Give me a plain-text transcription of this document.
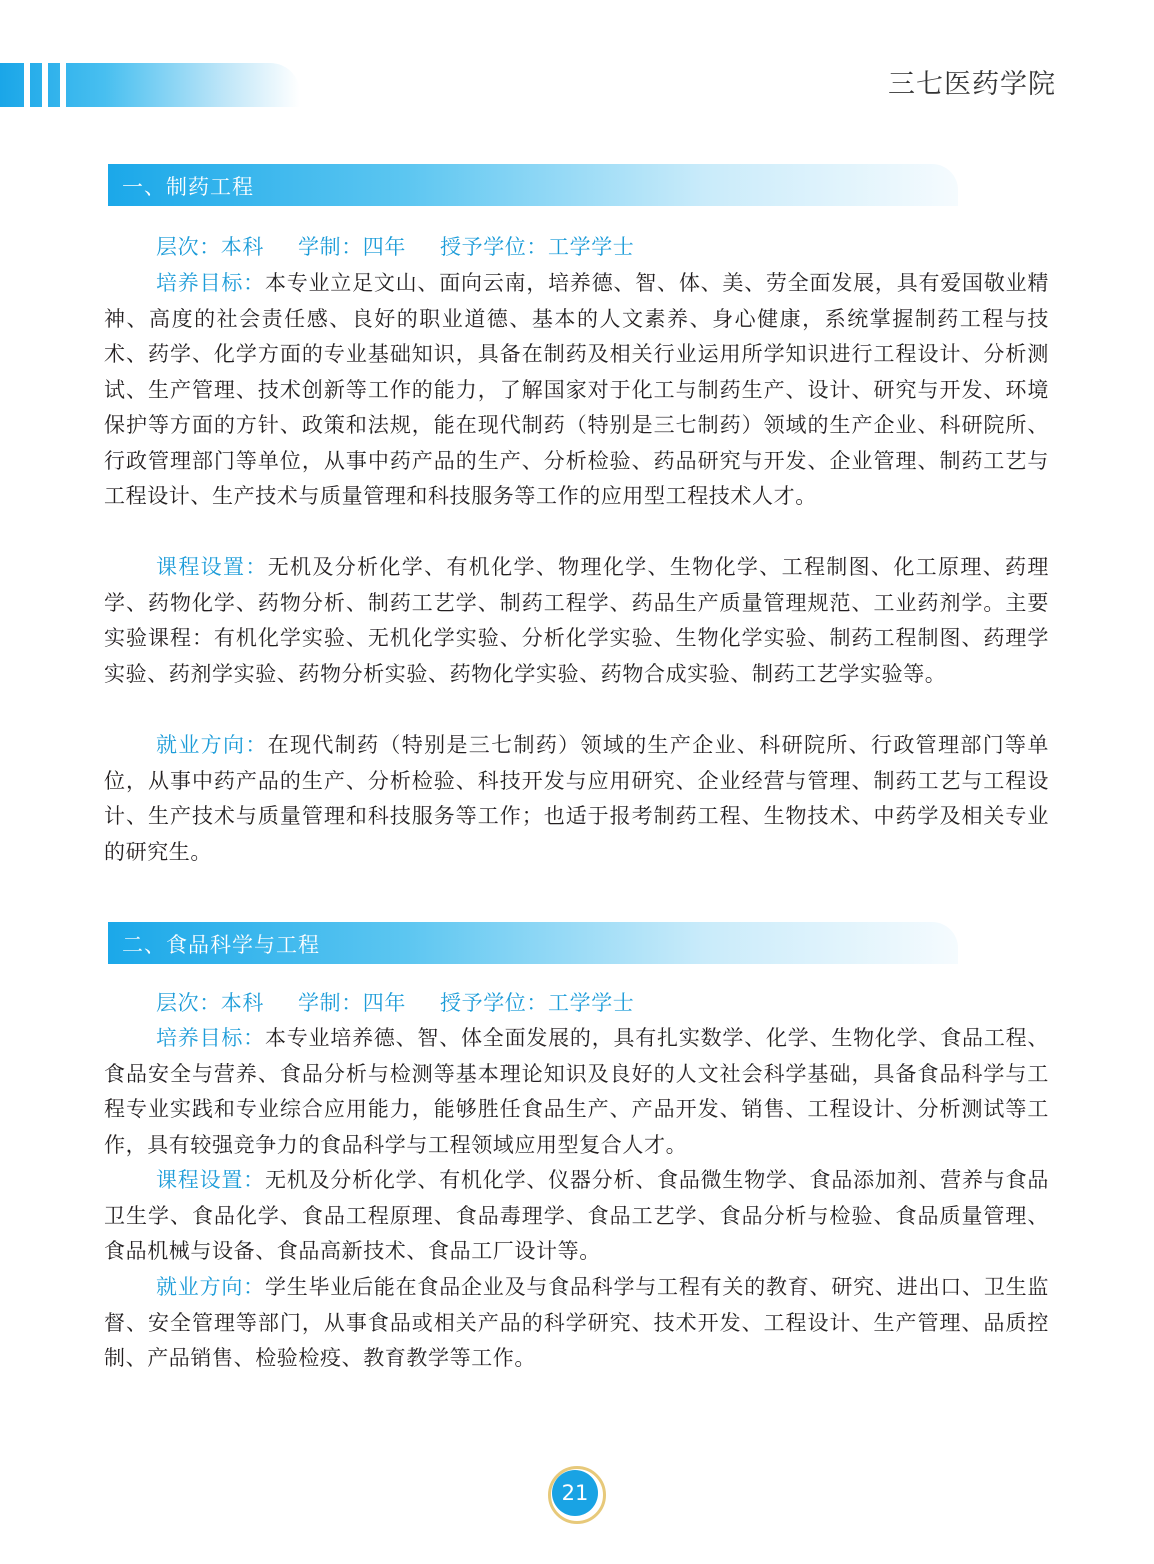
三七医药学院
一、制药工程
层次：本科 学制：四年 授予学位：工学学士
培养目标：本专业立足文山、面向云南，培养德、智、体、美、劳全面发展，具有爱国敬业精神、高度的社会责任感、良好的职业道德、基本的人文素养、身心健康，系统掌握制药工程与技术、药学、化学方面的专业基础知识，具备在制药及相关行业运用所学知识进行工程设计、分析测试、生产管理、技术创新等工作的能力，了解国家对于化工与制药生产、设计、研究与开发、环境保护等方面的方针、政策和法规，能在现代制药（特别是三七制药）领域的生产企业、科研院所、行政管理部门等单位，从事中药产品的生产、分析检验、药品研究与开发、企业管理、制药工艺与工程设计、生产技术与质量管理和科技服务等工作的应用型工程技术人才。
课程设置：无机及分析化学、有机化学、物理化学、生物化学、工程制图、化工原理、药理学、药物化学、药物分析、制药工艺学、制药工程学、药品生产质量管理规范、工业药剂学。主要实验课程：有机化学实验、无机化学实验、分析化学实验、生物化学实验、制药工程制图、药理学实验、药剂学实验、药物分析实验、药物化学实验、药物合成实验、制药工艺学实验等。
就业方向：在现代制药（特别是三七制药）领域的生产企业、科研院所、行政管理部门等单位，从事中药产品的生产、分析检验、科技开发与应用研究、企业经营与管理、制药工艺与工程设计、生产技术与质量管理和科技服务等工作；也适于报考制药工程、生物技术、中药学及相关专业的研究生。
二、食品科学与工程
层次：本科 学制：四年 授予学位：工学学士
培养目标：本专业培养德、智、体全面发展的，具有扎实数学、化学、生物化学、食品工程、食品安全与营养、食品分析与检测等基本理论知识及良好的人文社会科学基础，具备食品科学与工程专业实践和专业综合应用能力，能够胜任食品生产、产品开发、销售、工程设计、分析测试等工作，具有较强竞争力的食品科学与工程领域应用型复合人才。
课程设置：无机及分析化学、有机化学、仪器分析、食品微生物学、食品添加剂、营养与食品卫生学、食品化学、食品工程原理、食品毒理学、食品工艺学、食品分析与检验、食品质量管理、食品机械与设备、食品高新技术、食品工厂设计等。
就业方向：学生毕业后能在食品企业及与食品科学与工程有关的教育、研究、进出口、卫生监督、安全管理等部门，从事食品或相关产品的科学研究、技术开发、工程设计、生产管理、品质控制、产品销售、检验检疫、教育教学等工作。
21
